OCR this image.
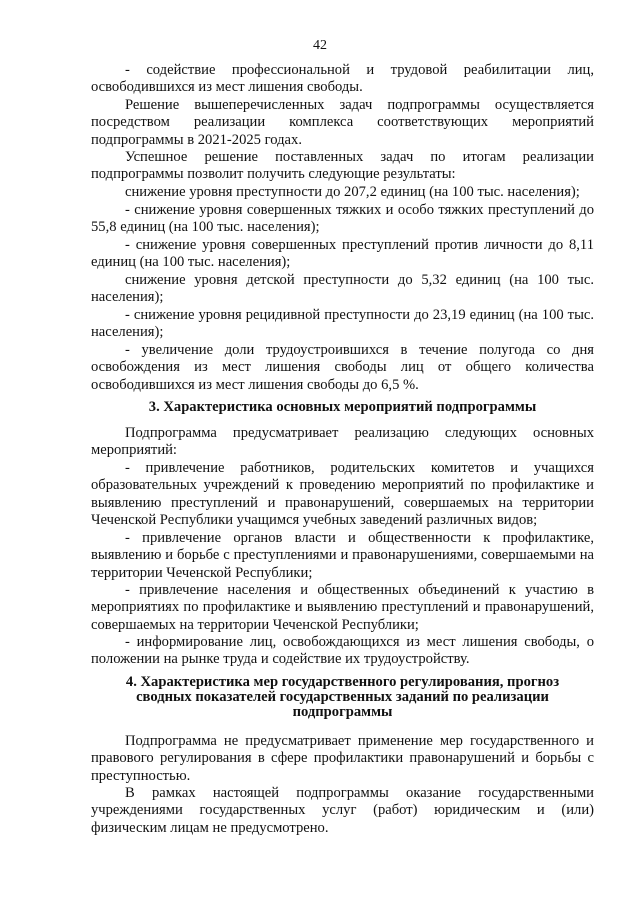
42

- содействие профессиональной и трудовой реабилитации лиц, освободившихся из мест лишения свободы.

Решение вышеперечисленных задач подпрограммы осуществляется посредством реализации комплекса соответствующих мероприятий подпрограммы в 2021-2025 годах.

Успешное решение поставленных задач по итогам реализации подпрограммы позволит получить следующие результаты:

снижение уровня преступности до 207,2 единиц (на 100 тыс. населения);

- снижение уровня совершенных тяжких и особо тяжких преступлений до 55,8 единиц (на 100 тыс. населения);

- снижение уровня совершенных преступлений против личности до 8,11 единиц (на 100 тыс. населения);

снижение уровня детской преступности до 5,32 единиц (на 100 тыс. населения);

- снижение уровня рецидивной преступности до 23,19 единиц (на 100 тыс. населения);

- увеличение доли трудоустроившихся в течение полугода со дня освобождения из мест лишения свободы лиц от общего количества освободившихся из мест лишения свободы до 6,5 %.

3. Характеристика основных мероприятий подпрограммы

Подпрограмма предусматривает реализацию следующих основных мероприятий:

- привлечение работников, родительских комитетов и учащихся образовательных учреждений к проведению мероприятий по профилактике и выявлению преступлений и правонарушений, совершаемых на территории Чеченской Республики учащимся учебных заведений различных видов;

- привлечение органов власти и общественности к профилактике, выявлению и борьбе с преступлениями и правонарушениями, совершаемыми на территории Чеченской Республики;

- привлечение населения и общественных объединений к участию в мероприятиях по профилактике и выявлению преступлений и правонарушений, совершаемых на территории Чеченской Республики;

- информирование лиц, освобождающихся из мест лишения свободы, о положении на рынке труда и содействие их трудоустройству.

4. Характеристика мер государственного регулирования, прогноз

сводных показателей государственных заданий по реализации

подпрограммы

Подпрограмма не предусматривает применение мер государственного и правового регулирования в сфере профилактики правонарушений и борьбы с преступностью.

В рамках настоящей подпрограммы оказание государственными учреждениями государственных услуг (работ) юридическим и (или) физическим лицам не предусмотрено.
